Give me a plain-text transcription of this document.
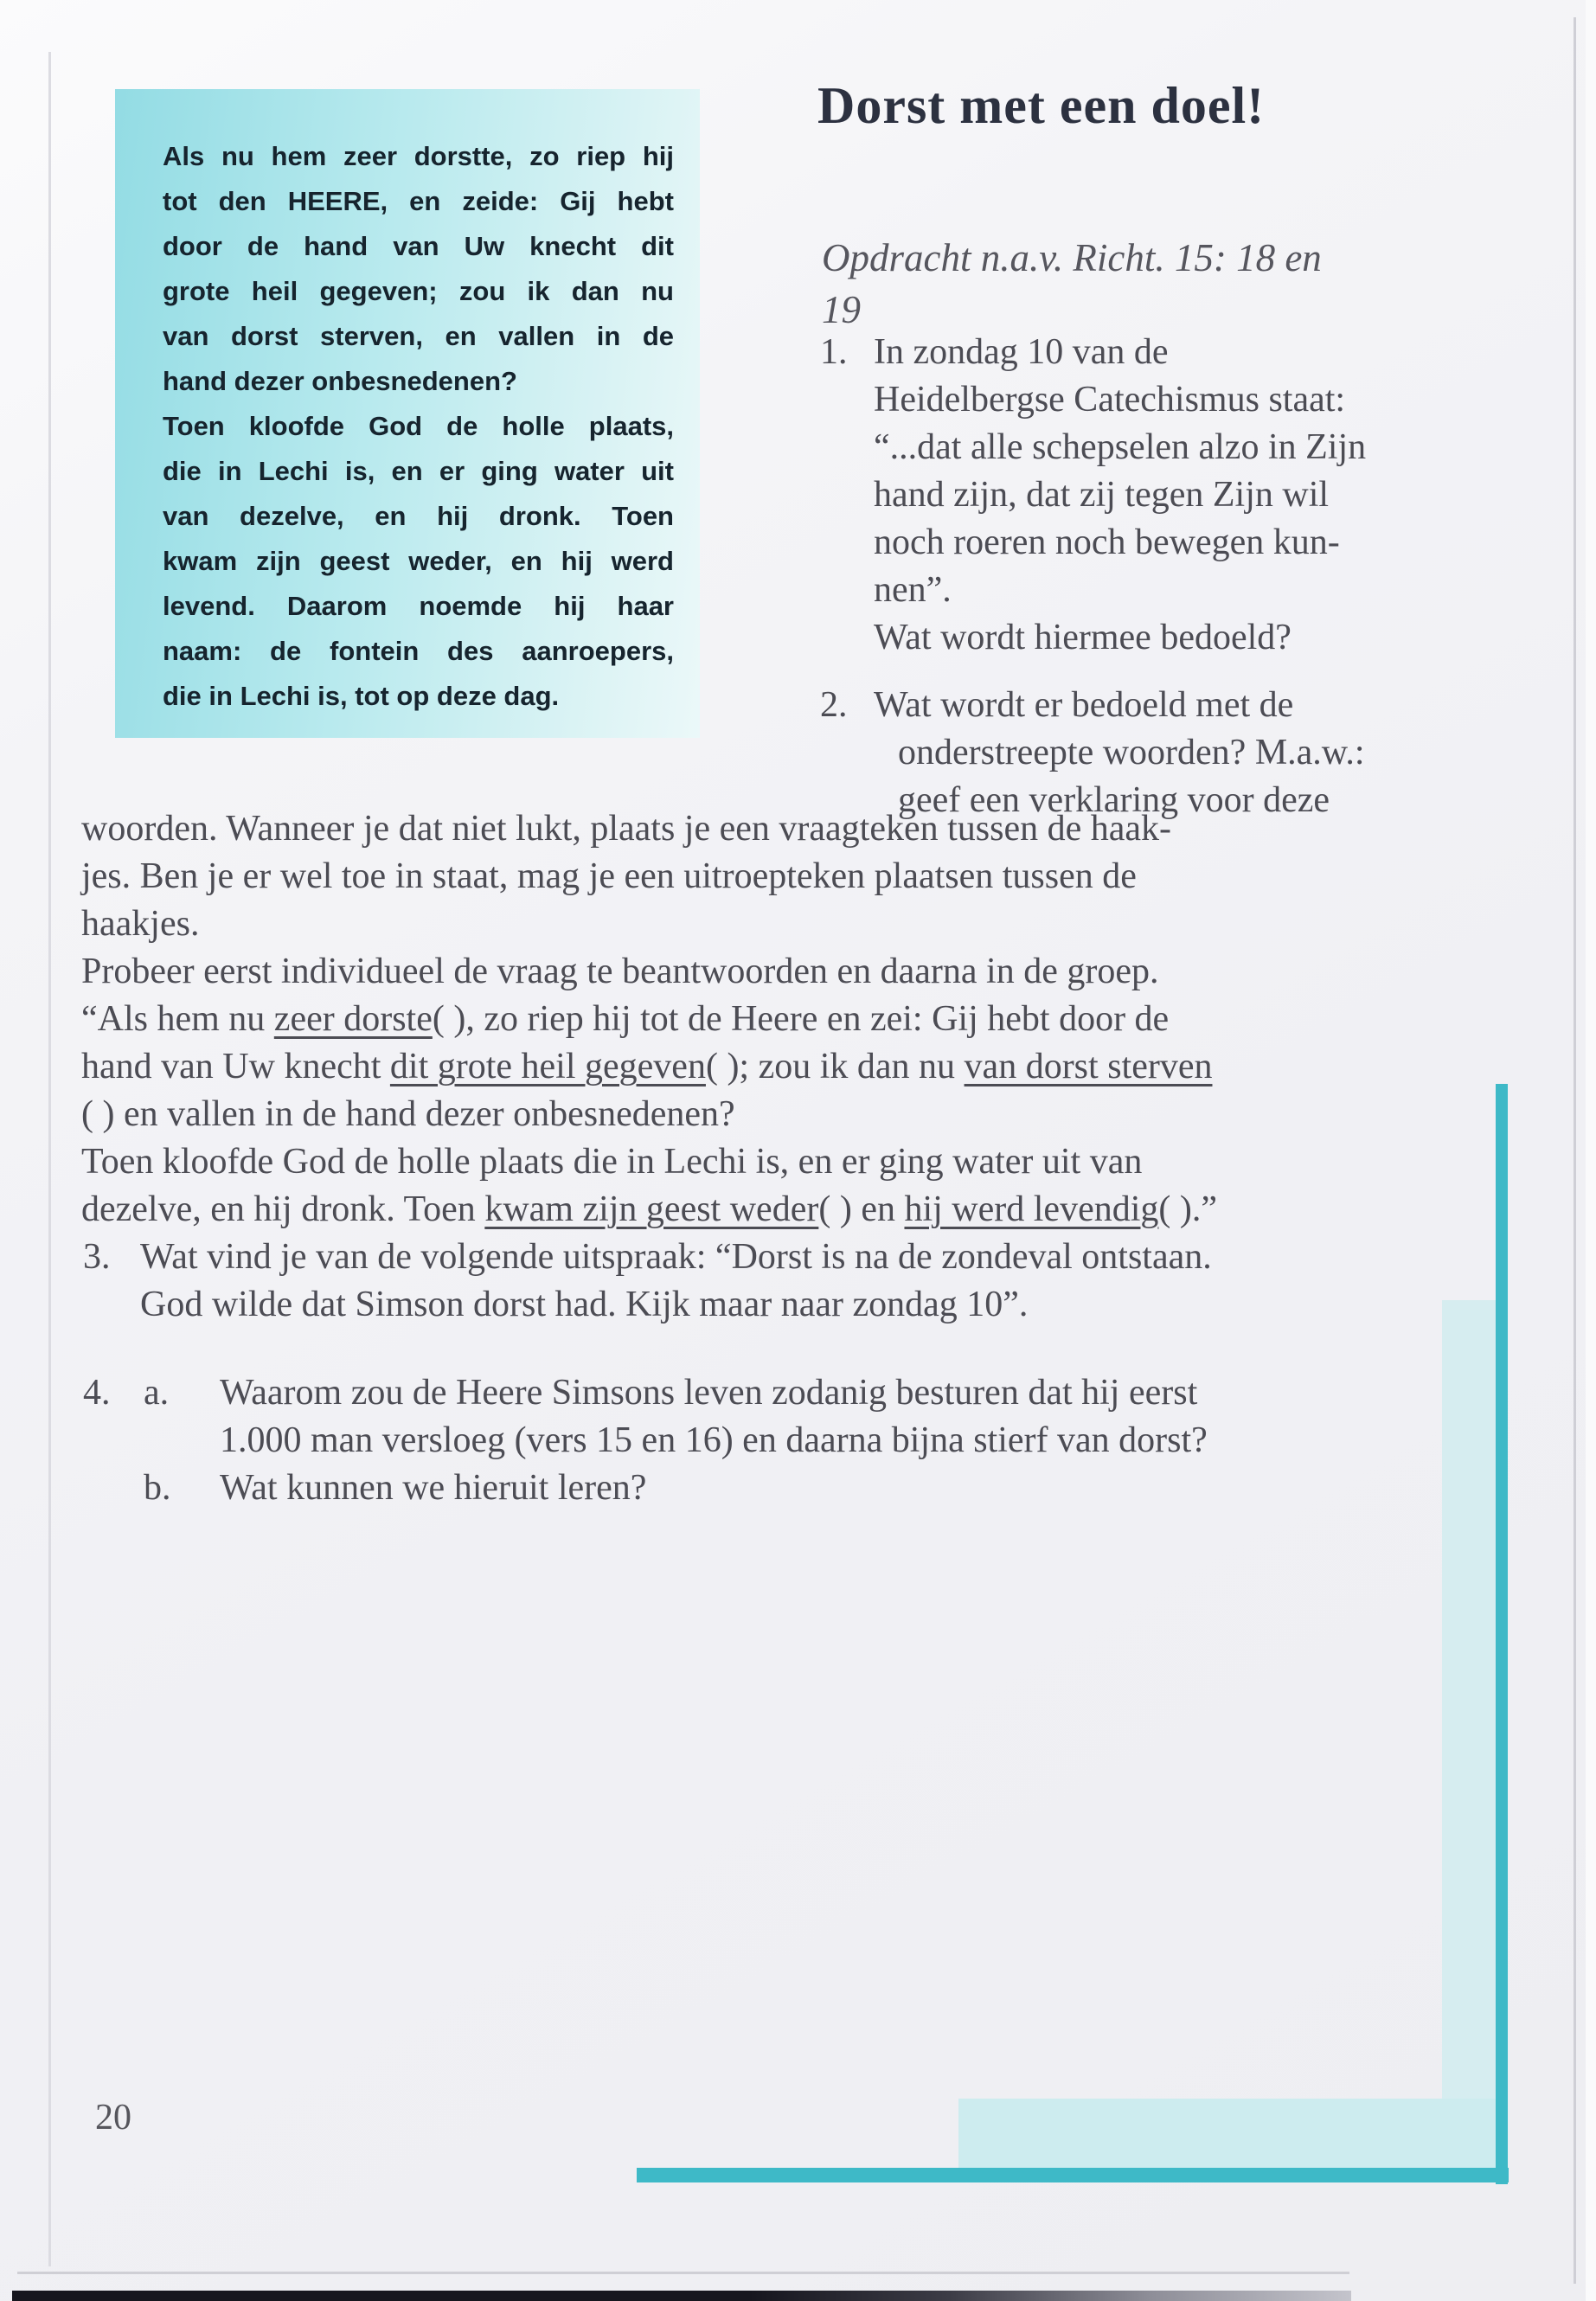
Als nu hem zeer dorstte, zo riep hij
tot den HEERE, en zeide: Gij hebt
door de hand van Uw knecht dit
grote heil gegeven; zou ik dan nu
van dorst sterven, en vallen in de
hand dezer onbesnedenen?
Toen kloofde God de holle plaats,
die in Lechi is, en er ging water uit
van dezelve, en hij dronk. Toen
kwam zijn geest weder, en hij werd
levend. Daarom noemde hij haar
naam: de fontein des aanroepers,
die in Lechi is, tot op deze dag.
Dorst met een doel!
Opdracht n.a.v. Richt. 15: 18 en
19
1. In zondag 10 van de
Heidelbergse Catechismus staat:
“...dat alle schepselen alzo in Zijn
hand zijn, dat zij tegen Zijn wil
noch roeren noch bewegen kun-
nen”.
Wat wordt hiermee bedoeld?
2. Wat wordt er bedoeld met de
onderstreepte woorden? M.a.w.:
geef een verklaring voor deze
woorden. Wanneer je dat niet lukt, plaats je een vraagteken tussen de haak-
jes. Ben je er wel toe in staat, mag je een uitroepteken plaatsen tussen de
haakjes.
Probeer eerst individueel de vraag te beantwoorden en daarna in de groep.
“Als hem nu zeer dorste( ), zo riep hij tot de Heere en zei: Gij hebt door de
hand van Uw knecht dit grote heil gegeven( ); zou ik dan nu van dorst sterven
( ) en vallen in de hand dezer onbesnedenen?
Toen kloofde God de holle plaats die in Lechi is, en er ging water uit van
dezelve, en hij dronk. Toen kwam zijn geest weder( ) en hij werd levendig( ).”
3. Wat vind je van de volgende uitspraak: “Dorst is na de zondeval ontstaan.
God wilde dat Simson dorst had. Kijk maar naar zondag 10”.
4. a.	Waarom zou de Heere Simsons leven zodanig besturen dat hij eerst
1.000 man versloeg (vers 15 en 16) en daarna bijna stierf van dorst?
b.	Wat kunnen we hieruit leren?
20
